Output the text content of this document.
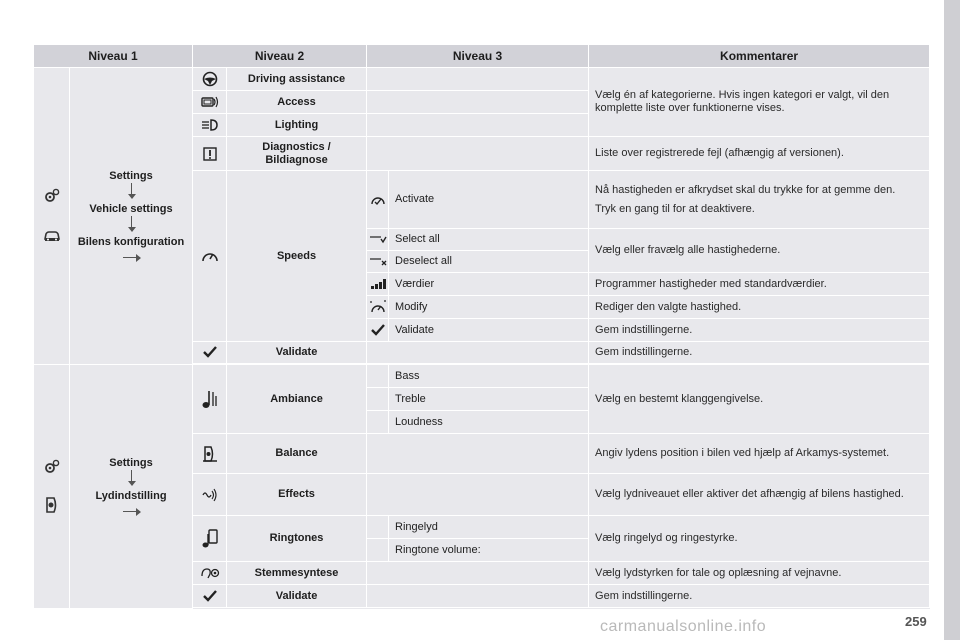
Niveau 1		Niveau 2		Niveau 3		Kommentarer

Settings
Vehicle settings
Bilens konfiguration		Driving assistance			Vælg én af kategorierne. Hvis ingen kategori er valgt, vil den komplette liste over funktionerne vises.
	Access			
	Lighting			
	Diagnostics / Bildiagnose			Liste over registrerede fejl (afhængig af versionen).
	Speeds		Activate	Nå hastigheden er afkrydset skal du trykke for at gemme den.

Tryk en gang til for at deaktivere.

	Select all	Vælg eller fravælg alle hastighederne.
	Deselect all	
	Værdier	Programmer hastigheder med standardværdier.
	Modify	Rediger den valgte hastighed.
	Validate	Gem indstillingerne.
	Validate			Gem indstillingerne.

Settings
Lydindstilling		Ambiance		Bass	Vælg en bestemt klanggengivelse.
					Treble	
					Loudness	
	Balance			Angiv lydens position i bilen ved hjælp af Arkamys-systemet.
	Effects			Vælg lydniveauet eller aktiver det afhængig af bilens hastighed.
	Ringtones		Ringelyd	Vælg ringelyd og ringestyrke.
					Ringtone volume:	
	Stemmesyntese			Vælg lydstyrken for tale og oplæsning af vejnavne.
	Validate			Gem indstillingerne.

carmanualsonline.info	259
